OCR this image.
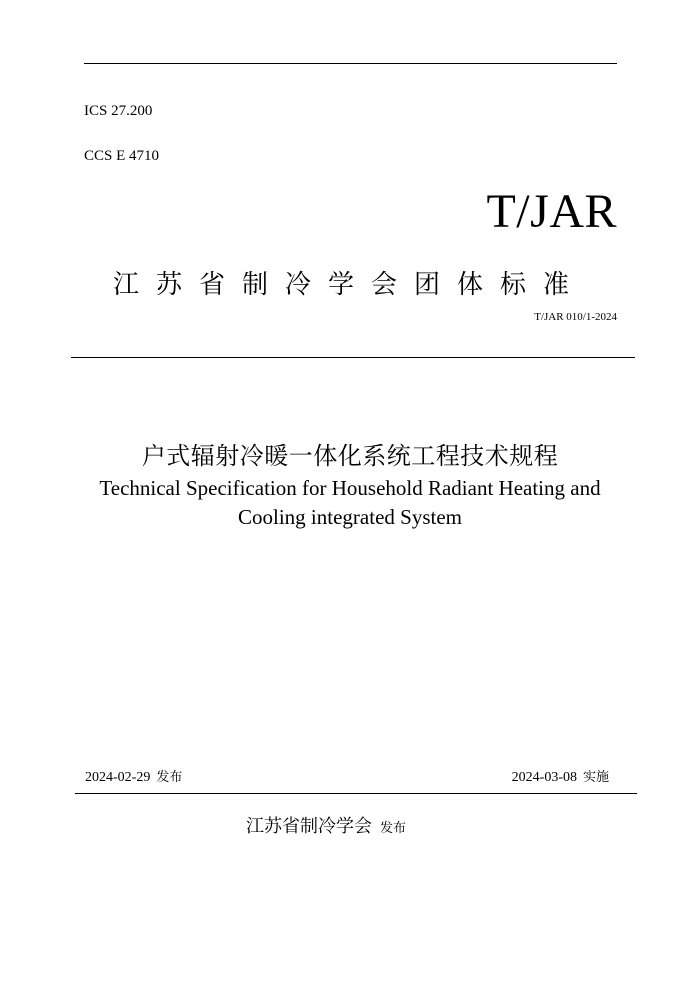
ICS 27.200
CCS E 4710
T/JAR
江苏省制冷学会团体标准
T/JAR 010/1-2024
户式辐射冷暖一体化系统工程技术规程
Technical Specification for Household Radiant Heating and
Cooling integrated System
2024-02-29 发布	2024-03-08 实施
江苏省制冷学会 发布
